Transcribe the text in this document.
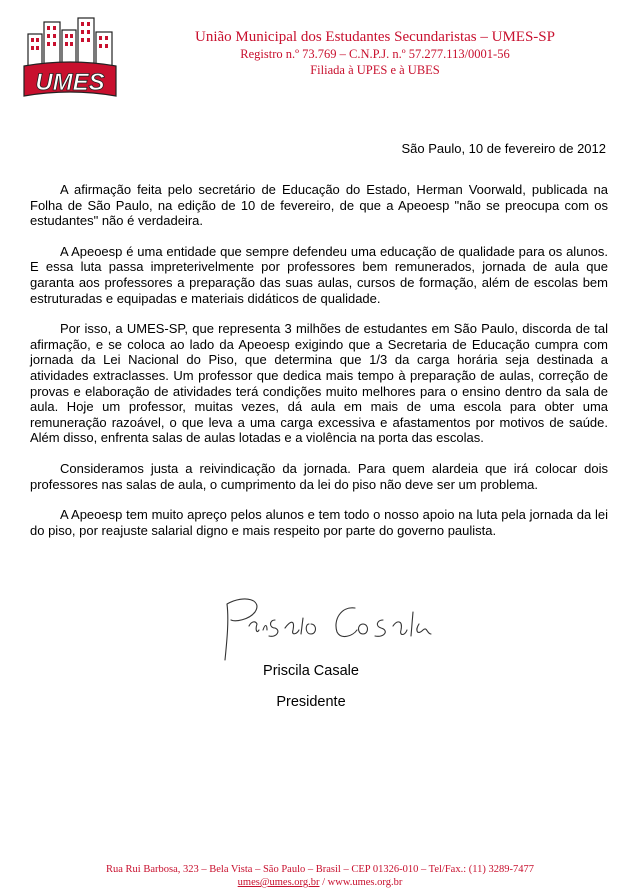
UMES
União Municipal dos Estudantes Secundaristas – UMES-SP
Registro n.º 73.769 – C.N.P.J. n.º 57.277.113/0001-56
Filiada à UPES e à UBES
São Paulo, 10 de fevereiro de 2012

A afirmação feita pelo secretário de Educação do Estado, Herman Voorwald, publicada na Folha de São Paulo, na edição de 10 de fevereiro, de que a Apeoesp "não se preocupa com os estudantes" não é verdadeira.

A Apeoesp é uma entidade que sempre defendeu uma educação de qualidade para os alunos. E essa luta passa impreterivelmente por professores bem remunerados, jornada de aula que garanta aos professores a preparação das suas aulas, cursos de formação, além de escolas bem estruturadas e equipadas e materiais didáticos de qualidade.

Por isso, a UMES-SP, que representa 3 milhões de estudantes em São Paulo, discorda de tal afirmação, e se coloca ao lado da Apeoesp exigindo que a Secretaria de Educação cumpra com jornada da Lei Nacional do Piso, que determina que 1/3 da carga horária seja destinada a atividades extraclasses. Um professor que dedica mais tempo à preparação de aulas, correção de provas e elaboração de atividades terá condições muito melhores para o ensino dentro da sala de aula. Hoje um professor, muitas vezes, dá aula em mais de uma escola para obter uma remuneração razoável, o que leva a uma carga excessiva e afastamentos por motivos de saúde. Além disso, enfrenta salas de aulas lotadas e a violência na porta das escolas.

Consideramos justa a reivindicação da jornada. Para quem alardeia que irá colocar dois professores nas salas de aula, o cumprimento da lei do piso não deve ser um problema.

A Apeoesp tem muito apreço pelos alunos e tem todo o nosso apoio na luta pela jornada da lei do piso, por reajuste salarial digno e mais respeito por parte do governo paulista.

Priscila Casale
Priscila Casale
Presidente
Rua Rui Barbosa, 323 – Bela Vista – São Paulo – Brasil – CEP 01326-010 – Tel/Fax.: (11) 3289-7477
umes@umes.org.br / www.umes.org.br
